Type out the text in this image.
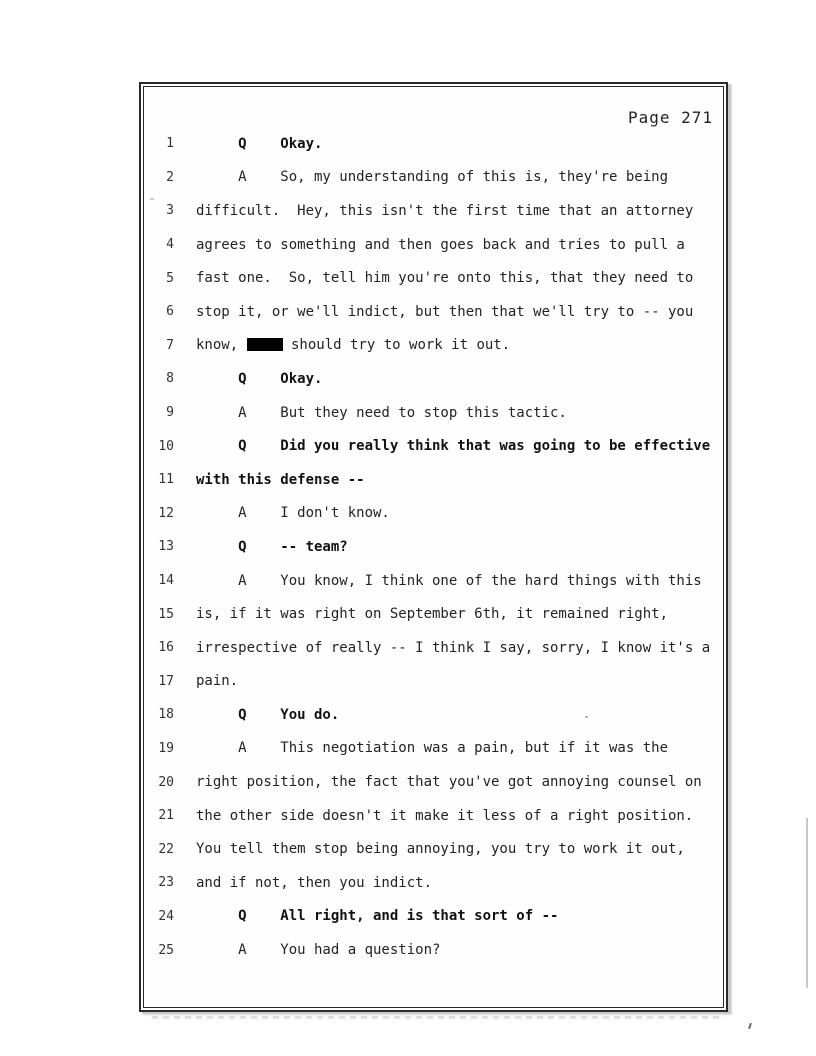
Page 271
1 Q    Okay.
2 A    So, my understanding of this is, they're being
3 difficult.  Hey, this isn't the first time that an attorney
4 agrees to something and then goes back and tries to pull a
5 fast one.  So, tell him you're onto this, that they need to
6 stop it, or we'll indict, but then that we'll try to -- you
7 know,	should try to work it out.
8 Q    Okay.
9 A    But they need to stop this tactic.
10 Q    Did you really think that was going to be effective
11 with this defense --
12 A    I don't know.
13 Q    -- team?
14 A    You know, I think one of the hard things with this
15 is, if it was right on September 6th, it remained right,
16 irrespective of really -- I think I say, sorry, I know it's a
17 pain.
18 Q    You do.
19 A    This negotiation was a pain, but if it was the
20 right position, the fact that you've got annoying counsel on
21 the other side doesn't it make it less of a right position.
22 You tell them stop being annoying, you try to work it out,
23 and if not, then you indict.
24 Q    All right, and is that sort of --
25 A    You had a question?
